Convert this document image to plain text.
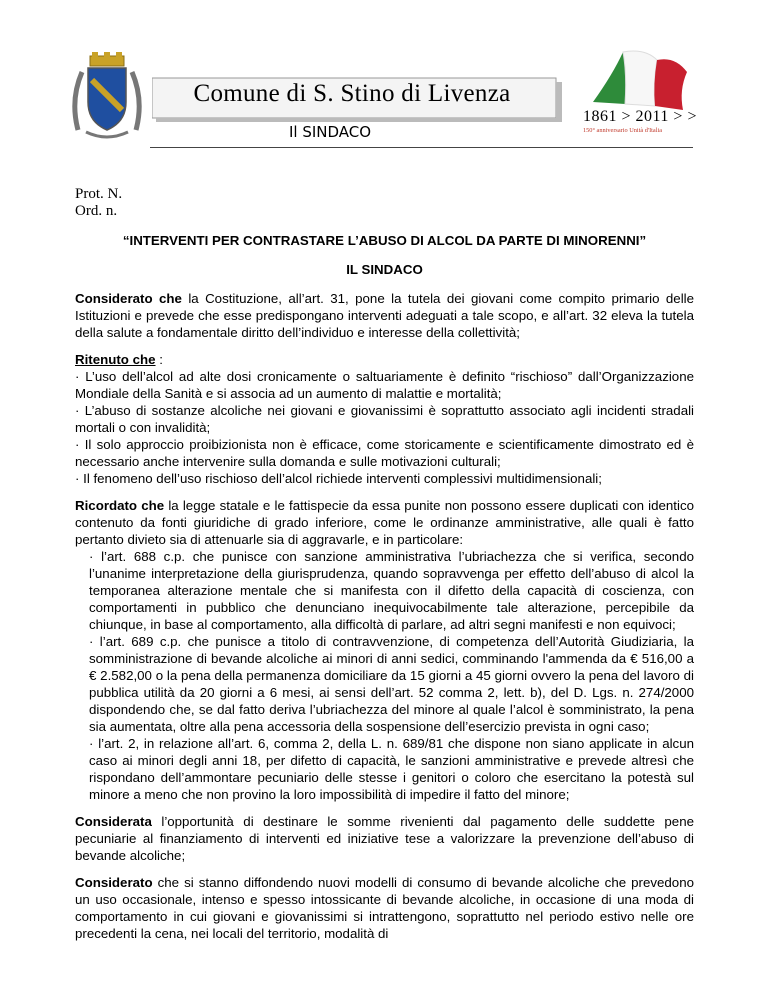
Comune di S. Stino di Livenza
Il SINDACO
1861 > 2011 > >
150° anniversario Unità d'Italia
Prot. N.
Ord. n.

“INTERVENTI PER CONTRASTARE L’ABUSO DI ALCOL DA PARTE DI MINORENNI”

IL SINDACO

Considerato che la Costituzione, all’art. 31, pone la tutela dei giovani come compito primario delle Istituzioni e prevede che esse predispongano interventi adeguati a tale scopo, e all’art. 32 eleva la tutela della salute a fondamentale diritto dell’individuo e interesse della collettività;

Ritenuto che :

· L’uso dell’alcol ad alte dosi cronicamente o saltuariamente è definito “rischioso” dall’Organizzazione Mondiale della Sanità e si associa ad un aumento di malattie e mortalità;

· L’abuso di sostanze alcoliche nei giovani e giovanissimi è soprattutto associato agli incidenti stradali mortali o con invalidità;

· Il solo approccio proibizionista non è efficace, come storicamente e scientificamente dimostrato ed è necessario anche intervenire sulla domanda e sulle motivazioni culturali;

· Il fenomeno dell’uso rischioso dell’alcol richiede interventi complessivi multidimensionali;

Ricordato che la legge statale e le fattispecie da essa punite non possono essere duplicati con identico contenuto da fonti giuridiche di grado inferiore, come le ordinanze amministrative, alle quali è fatto pertanto divieto sia di attenuarle sia di aggravarle, e in particolare:

· l’art. 688 c.p. che punisce con sanzione amministrativa l’ubriachezza che si verifica, secondo l’unanime interpretazione della giurisprudenza, quando sopravvenga per effetto dell’abuso di alcol la temporanea alterazione mentale che si manifesta con il difetto della capacità di coscienza, con comportamenti in pubblico che denunciano inequivocabilmente tale alterazione, percepibile da chiunque, in base al comportamento, alla difficoltà di parlare, ad altri segni manifesti e non equivoci;

· l’art. 689 c.p. che punisce a titolo di contravvenzione, di competenza dell’Autorità Giudiziaria, la somministrazione di bevande alcoliche ai minori di anni sedici, comminando l'ammenda da € 516,00 a € 2.582,00 o la pena della permanenza domiciliare da 15 giorni a 45 giorni ovvero la pena del lavoro di pubblica utilità da 20 giorni a 6 mesi, ai sensi dell’art. 52 comma 2, lett. b), del D. Lgs. n. 274/2000 dispondendo che, se dal fatto deriva l’ubriachezza del minore al quale l’alcol è somministrato, la pena sia aumentata, oltre alla pena accessoria della sospensione dell’esercizio prevista in ogni caso;

· l’art. 2, in relazione all’art. 6, comma 2, della L. n. 689/81 che dispone non siano applicate in alcun caso ai minori degli anni 18, per difetto di capacità, le sanzioni amministrative e prevede altresì che rispondano dell’ammontare pecuniario delle stesse i genitori o coloro che esercitano la potestà sul minore a meno che non provino la loro impossibilità di impedire il fatto del minore;

Considerata l’opportunità di destinare le somme rivenienti dal pagamento delle suddette pene pecuniarie al finanziamento di interventi ed iniziative tese a valorizzare la prevenzione dell’abuso di bevande alcoliche;

Considerato che si stanno diffondendo nuovi modelli di consumo di bevande alcoliche che prevedono un uso occasionale, intenso e spesso intossicante di bevande alcoliche, in occasione di una moda di comportamento in cui giovani e giovanissimi si intrattengono, soprattutto nel periodo estivo nelle ore precedenti la cena, nei locali del territorio, modalità di
